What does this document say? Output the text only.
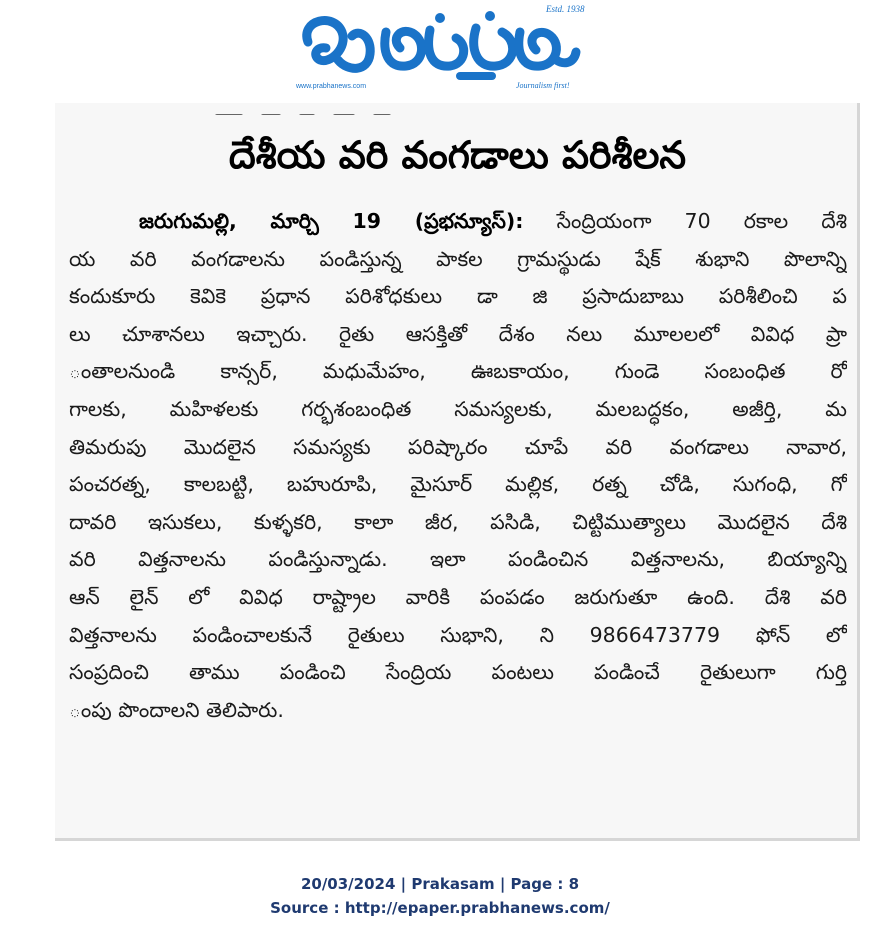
Estd. 1938
www.prabhanews.com	Journalism first!
దేశీయ వరి వంగడాలు పరిశీలన
జరుగుమల్లి, మార్చి 19 (ప్రభన్యూస్): సేంద్రియంగా 70 రకాల దేశి
య వరి వంగడాలను పండిస్తున్న పాకల గ్రామస్థుడు షేక్ శుభాని పొలాన్ని
కందుకూరు కెవికె ప్రధాన పరిశోధకులు డా జి ప్రసాదుబాబు పరిశీలించి ప
లు చూశానలు ఇచ్చారు. రైతు ఆసక్తితో దేశం నలు మూలలలో వివిధ ప్రా
ంతాలనుండి కాన్సర్, మధుమేహం, ఊబకాయం, గుండె సంబంధిత రో
గాలకు, మహిళలకు గర్భశంబంధిత సమస్యలకు, మలబద్ధకం, అజీర్తి, మ
తిమరుపు మొదలైన సమస్యకు పరిష్కారం చూపే వరి వంగడాలు నావార,
పంచరత్న, కాలబట్టి, బహురూపి, మైసూర్ మల్లిక, రత్న చోడి, సుగంధి, గో
దావరి ఇసుకలు, కుళ్ళకరి, కాలా జీర, పసిడి, చిట్టిముత్యాలు మొదలైన దేశి
వరి విత్తనాలను పండిస్తున్నాడు. ఇలా పండించిన విత్తనాలను, బియ్యాన్ని
ఆన్ లైన్ లో వివిధ రాష్ట్రాల వారికి పంపడం జరుగుతూ ఉంది. దేశి వరి
విత్తనాలను పండించాలకునే రైతులు సుభాని, ని 9866473779 ఫోన్ లో
సంప్రదించి తాము పండించి సేంద్రియ పంటలు పండించే రైతులుగా గుర్తి
ంపు పొందాలని తెలిపారు.
20/03/2024 | Prakasam | Page : 8
Source : http://epaper.prabhanews.com/
